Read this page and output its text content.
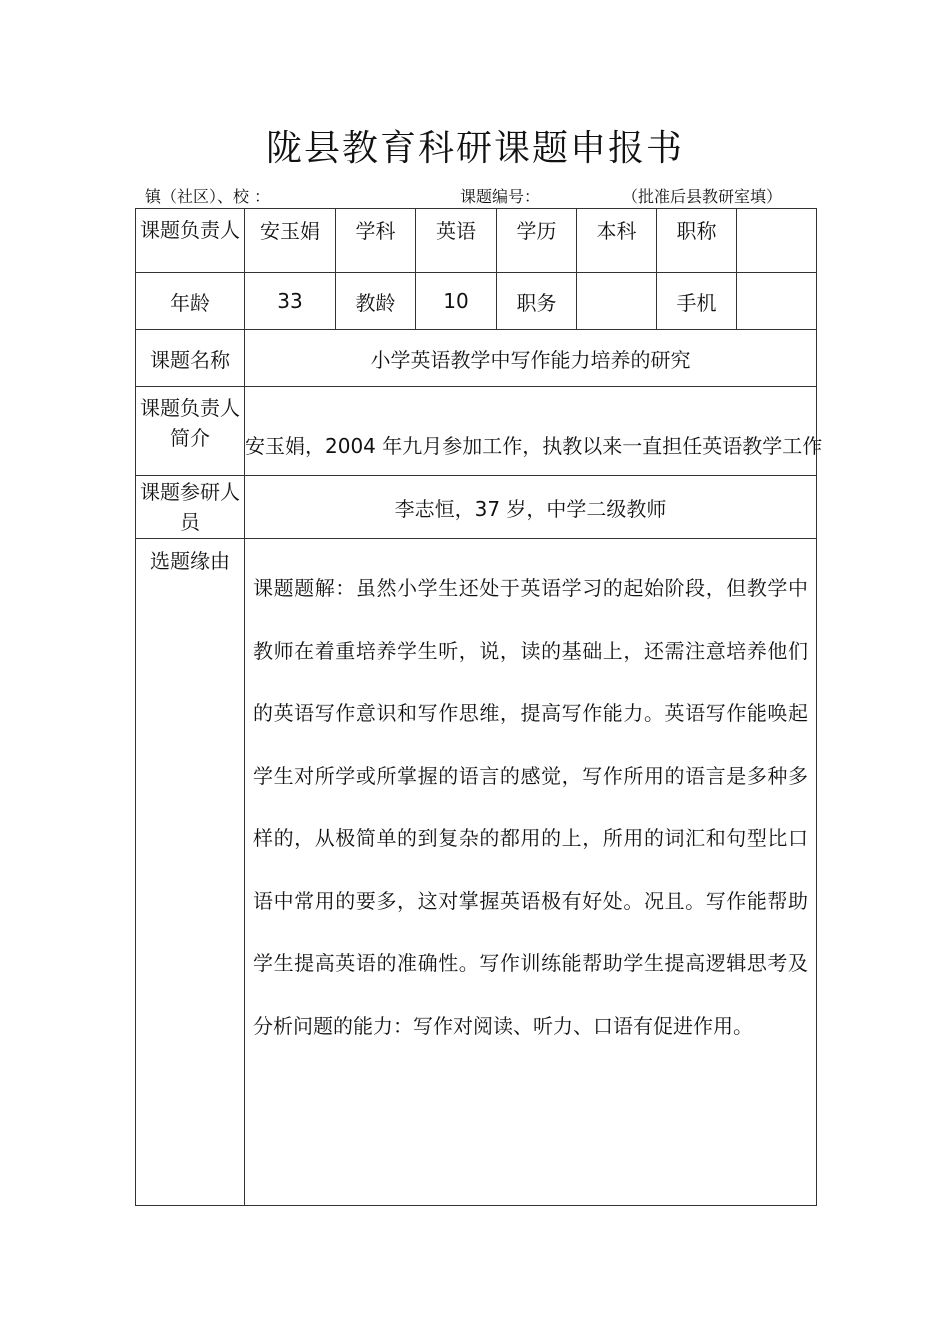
陇县教育科研课题申报书
镇（社区）、校 ：	课题编号：	（批准后县教研室填）
课题负责人	安玉娟	学科	英语	学历	本科	职称	
年龄	33	教龄	10	职务		手机	
课题名称	小学英语教学中写作能力培养的研究						
课题负责人简介	安玉娟，2004 年九月参加工作，执教以来一直担任英语教学工作						
课题参研人员	李志恒，37 岁，中学二级教师						
选题缘由	课题题解：虽然小学生还处于英语学习的起始阶段，但教学中教师在着重培养学生听，说，读的基础上，还需注意培养他们的英语写作意识和写作思维，提高写作能力。英语写作能唤起学生对所学或所掌握的语言的感觉，写作所用的语言是多种多样的，从极简单的到复杂的都用的上，所用的词汇和句型比口语中常用的要多，这对掌握英语极有好处。况且。写作能帮助学生提高英语的准确性。写作训练能帮助学生提高逻辑思考及分析问题的能力：写作对阅读、听力、口语有促进作用。						
